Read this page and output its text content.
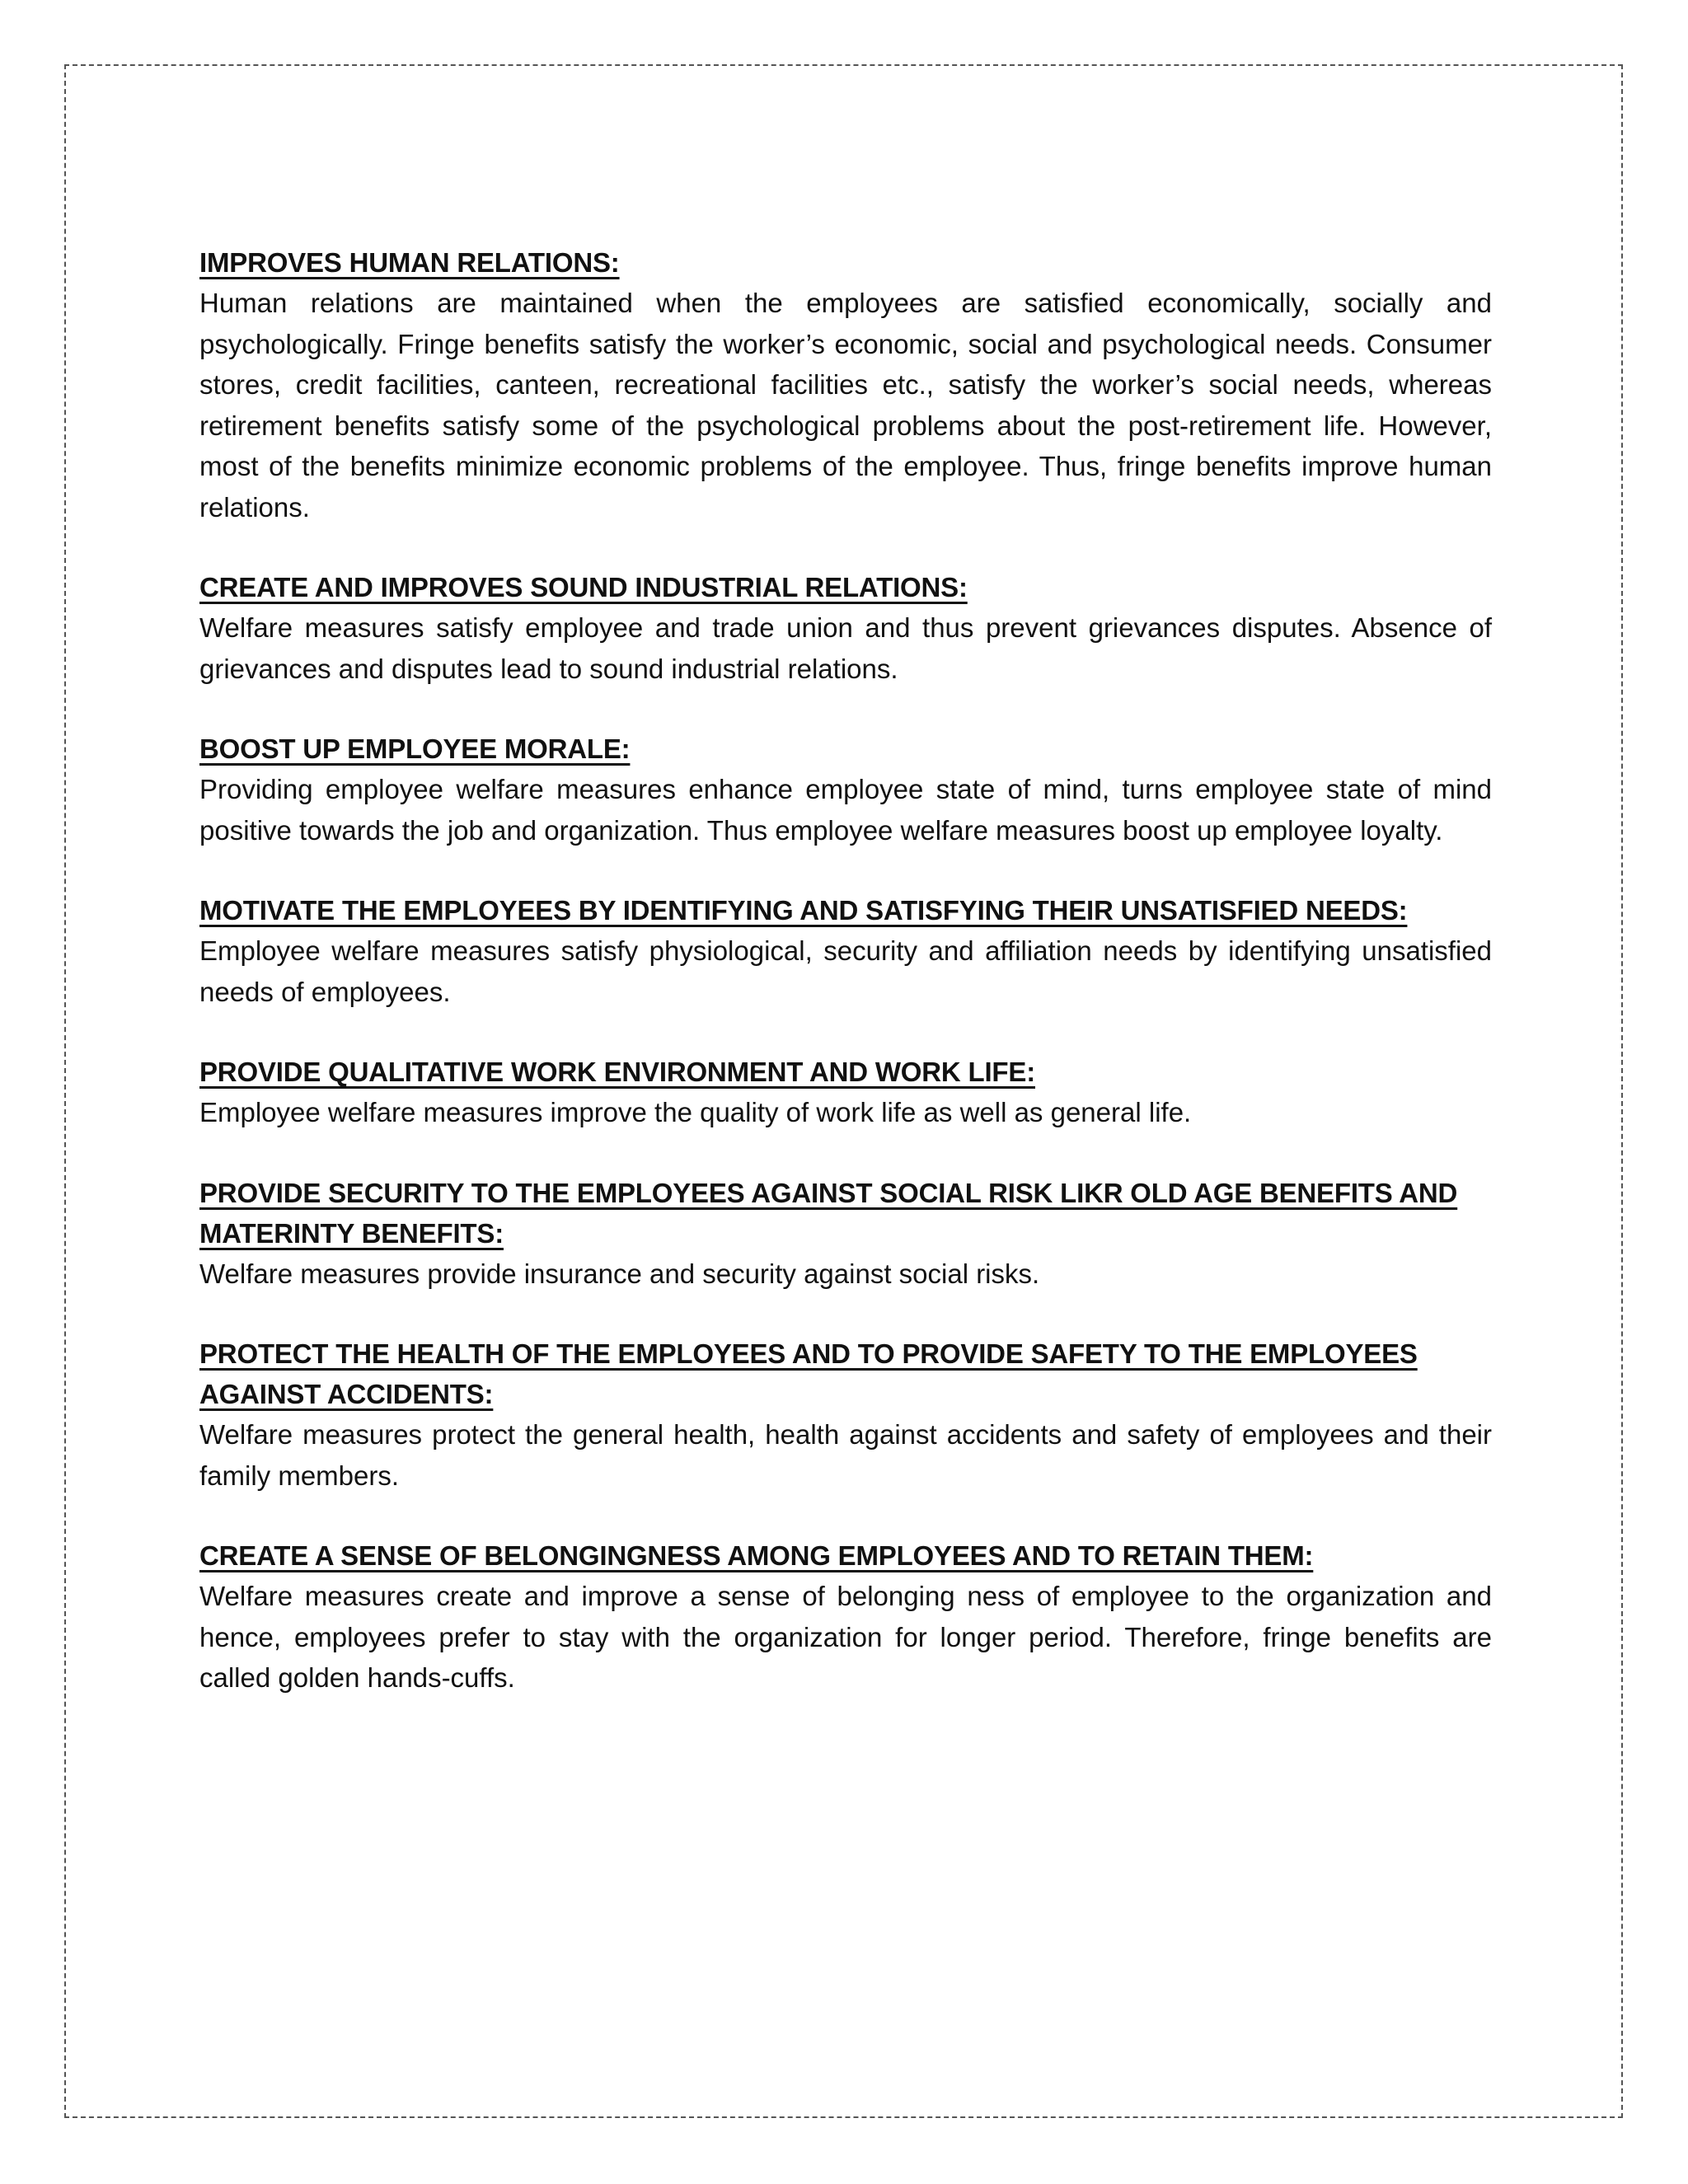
IMPROVES HUMAN RELATIONS:

Human relations are maintained when the employees are satisfied economically, socially and psychologically. Fringe benefits satisfy the worker’s economic, social and psychological needs. Consumer stores, credit facilities, canteen, recreational facilities etc., satisfy the worker’s social needs, whereas retirement benefits satisfy some of the psychological problems about the post-retirement life. However, most of the benefits minimize economic problems of the employee. Thus, fringe benefits improve human relations.

CREATE AND IMPROVES SOUND INDUSTRIAL RELATIONS:

Welfare measures satisfy employee and trade union and thus prevent grievances disputes. Absence of grievances and disputes lead to sound industrial relations.

BOOST UP EMPLOYEE MORALE:

Providing employee welfare measures enhance employee state of mind, turns employee state of mind positive towards the job and organization. Thus employee welfare measures boost up employee loyalty.

MOTIVATE THE EMPLOYEES BY IDENTIFYING AND SATISFYING THEIR UNSATISFIED NEEDS:

Employee welfare measures satisfy physiological, security and affiliation needs by identifying unsatisfied needs of employees.

PROVIDE QUALITATIVE WORK ENVIRONMENT AND WORK LIFE:

Employee welfare measures improve the quality of work life as well as general life.

PROVIDE SECURITY TO THE EMPLOYEES AGAINST SOCIAL RISK LIKR OLD AGE BENEFITS AND MATERINTY BENEFITS:

Welfare measures provide insurance and security against social risks.

PROTECT THE HEALTH OF THE EMPLOYEES AND TO PROVIDE SAFETY TO THE EMPLOYEES AGAINST ACCIDENTS:

Welfare measures protect the general health, health against accidents and safety of employees and their family members.

CREATE A SENSE OF BELONGINGNESS AMONG EMPLOYEES AND TO RETAIN THEM:

Welfare measures create and improve a sense of belonging ness of employee to the organization and hence, employees prefer to stay with the organization for longer period. Therefore, fringe benefits are called golden hands-cuffs.
